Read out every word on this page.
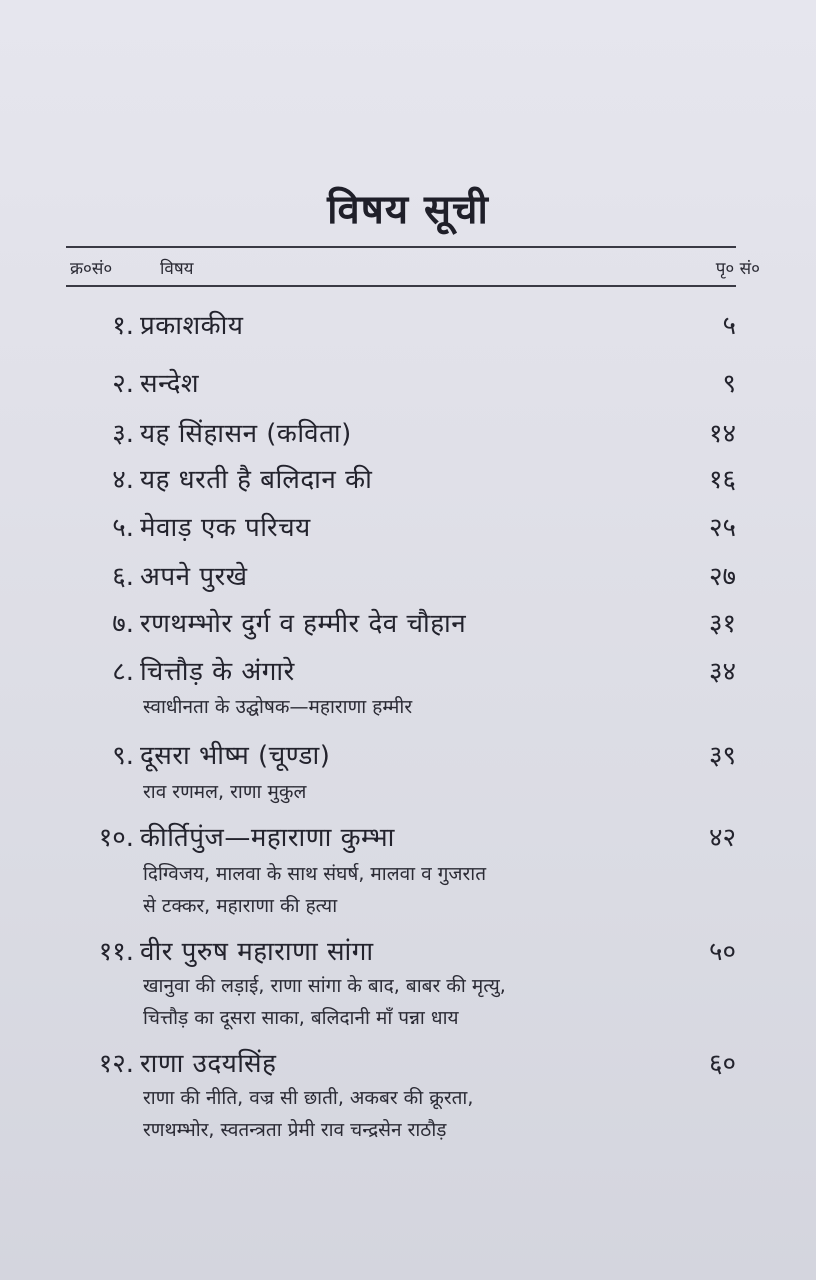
विषय सूची
क्र०सं०	विषय	पृ० सं०
१. प्रकाशकीय	५
२. सन्देश	९
३. यह सिंहासन (कविता)	१४
४. यह धरती है बलिदान की	१६
५. मेवाड़ एक परिचय	२५
६. अपने पुरखे	२७
७. रणथम्भोर दुर्ग व हम्मीर देव चौहान	३१
८. चित्तौड़ के अंगारे	३४
स्वाधीनता के उद्घोषक—महाराणा हम्मीर
९. दूसरा भीष्म (चूण्डा)	३९
राव रणमल, राणा मुकुल
१०. कीर्तिपुंज—महाराणा कुम्भा	४२
दिग्विजय, मालवा के साथ संघर्ष, मालवा व गुजरात
से टक्कर, महाराणा की हत्या
११. वीर पुरुष महाराणा सांगा	५०
खानुवा की लड़ाई, राणा सांगा के बाद, बाबर की मृत्यु,
चित्तौड़ का दूसरा साका, बलिदानी माँ पन्ना धाय
१२. राणा उदयसिंह	६०
राणा की नीति, वज्र सी छाती, अकबर की क्रूरता,
रणथम्भोर, स्वतन्त्रता प्रेमी राव चन्द्रसेन राठौड़
